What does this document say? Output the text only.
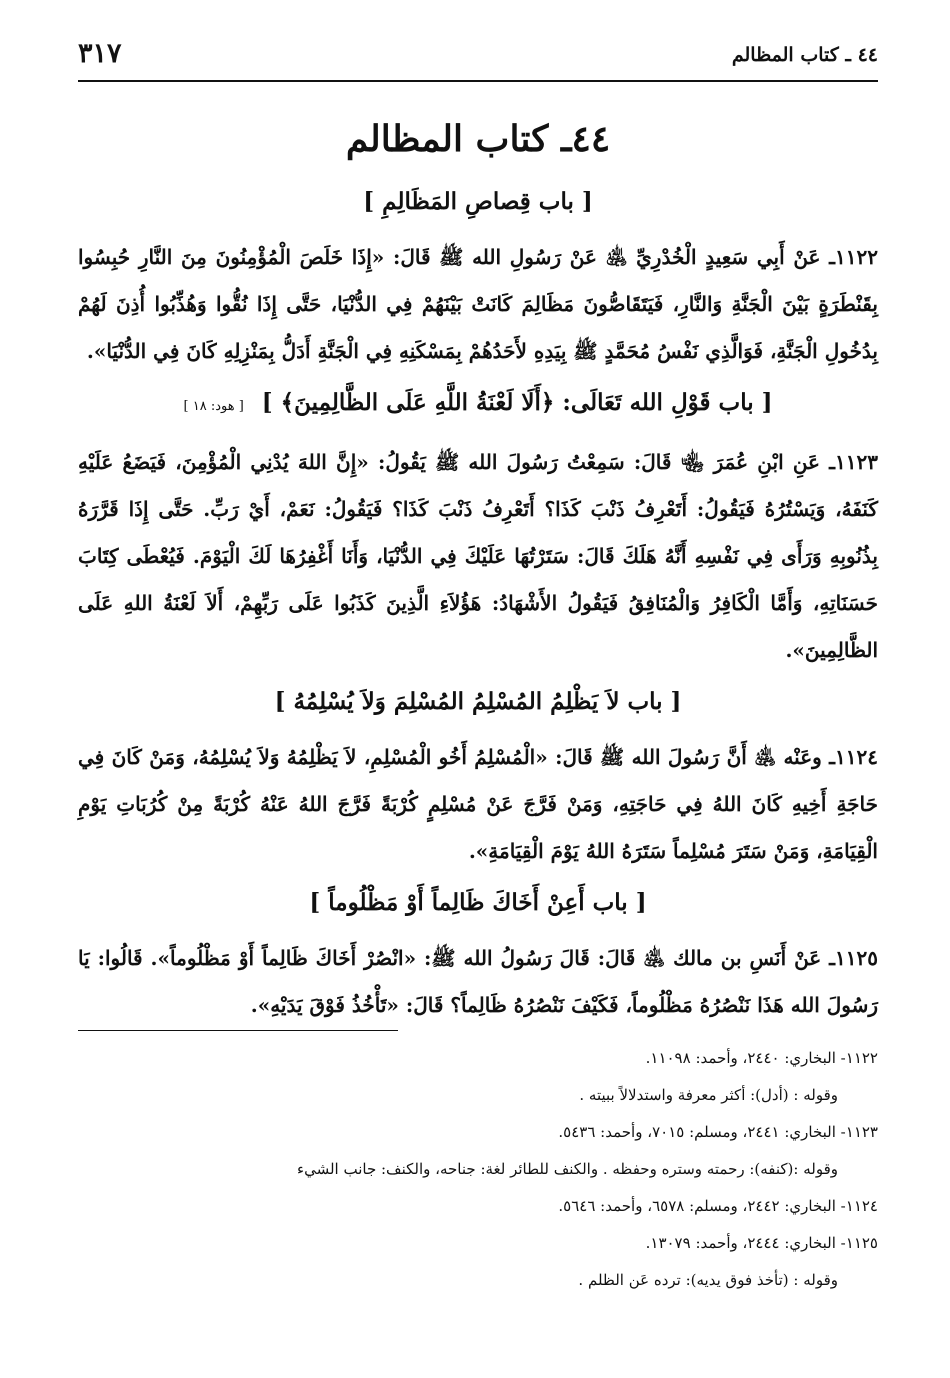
٤٤ ـ كتاب المظالم
٣١٧
٤٤ـ كتاب المظالم
[ باب قِصاصِ المَظَالِمِ ]

١١٢٢ـ عَنْ أَبِي سَعِيدٍ الْخُدْرِيِّ ﵁ عَنْ رَسُولِ الله ﷺ قَالَ: «إِذَا خَلَصَ الْمُؤْمِنُونَ مِنَ النَّارِ حُبِسُوا بِقَنْطَرَةٍ بَيْنَ الْجَنَّةِ وَالنَّارِ، فَيَتَقَاصُّونَ مَظَالِمَ كَانَتْ بَيْنَهُمْ فِي الدُّنْيَا، حَتَّى إِذَا نُقُّوا وَهُذِّبُوا أُذِنَ لَهُمْ بِدُخُولِ الْجَنَّةِ، فَوَالَّذِي نَفْسُ مُحَمَّدٍ ﷺ بِيَدِهِ لأَحَدُهُمْ بِمَسْكَنِهِ فِي الْجَنَّةِ أَدَلُّ بِمَنْزِلِهِ كَانَ فِي الدُّنْيَا».

[ باب قَوْلِ الله تَعَالَى: ﴿أَلَا لَعْنَةُ اللَّهِ عَلَى الظَّالِمِينَ﴾ ] [ هود: ١٨ ]

١١٢٣ـ عَنِ ابْنِ عُمَرَ ﵄ قَالَ: سَمِعْتُ رَسُولَ الله ﷺ يَقُولُ: «إِنَّ اللهَ يُدْنِي الْمُؤْمِنَ، فَيَضَعُ عَلَيْهِ كَنَفَهُ، وَيَسْتُرُهُ فَيَقُولُ: أَتَعْرِفُ ذَنْبَ كَذَا؟ أَتَعْرِفُ ذَنْبَ كَذَا؟ فَيَقُولُ: نَعَمْ، أَيْ رَبِّ. حَتَّى إِذَا قَرَّرَهُ بِذُنُوبِهِ وَرَأَى فِي نَفْسِهِ أَنَّهُ هَلَكَ قَالَ: سَتَرْتُهَا عَلَيْكَ فِي الدُّنْيَا، وَأَنَا أَغْفِرُهَا لَكَ الْيَوْمَ. فَيُعْطَى كِتَابَ حَسَنَاتِهِ، وَأَمَّا الْكَافِرُ وَالْمُنَافِقُ فَيَقُولُ الأَشْهَادُ: هَؤُلاَءِ الَّذِينَ كَذَبُوا عَلَى رَبِّهِمْ، أَلاَ لَعْنَةُ اللهِ عَلَى الظَّالِمِينَ».

[ باب لاَ يَظْلِمُ المُسْلِمُ المُسْلِمَ وَلاَ يُسْلِمُهُ ]

١١٢٤ـ وعَنْه ﵁ أَنَّ رَسُولَ الله ﷺ قَالَ: «الْمُسْلِمُ أَخُو الْمُسْلِمِ، لاَ يَظْلِمُهُ وَلاَ يُسْلِمُهُ، وَمَنْ كَانَ فِي حَاجَةِ أَخِيهِ كَانَ اللهُ فِي حَاجَتِهِ، وَمَنْ فَرَّجَ عَنْ مُسْلِمٍ كُرْبَةً فَرَّجَ اللهُ عَنْهُ كُرْبَةً مِنْ كُرُبَاتِ يَوْمِ الْقِيَامَةِ، وَمَنْ سَتَرَ مُسْلِماً سَتَرَهُ اللهُ يَوْمَ الْقِيَامَةِ».

[ باب أَعِنْ أَخَاكَ ظَالِماً أَوْ مَظْلُوماً ]

١١٢٥ـ عَنْ أَنَسِ بن مالك ﵁ قَالَ: قَالَ رَسُولُ الله ﷺ: «انْصُرْ أَخَاكَ ظَالِماً أَوْ مَظْلُوماً». قَالُوا: يَا رَسُولَ الله هَذَا نَنْصُرُهُ مَظْلُوماً، فَكَيْفَ نَنْصُرُهُ ظَالِماً؟ قَالَ: «تَأْخُذُ فَوْقَ يَدَيْهِ».

١١٢٢- البخاري: ٢٤٤٠، وأحمد: ١١٠٩٨.

وقوله : (أدل): أكثر معرفة واستدلالاً ببيته .

١١٢٣- البخاري: ٢٤٤١، ومسلم: ٧٠١٥، وأحمد: ٥٤٣٦.

وقوله :(كنفه): رحمته وستره وحفظه . والكنف للطائر لغة: جناحه، والكنف: جانب الشيء

١١٢٤- البخاري: ٢٤٤٢، ومسلم: ٦٥٧٨، وأحمد: ٥٦٤٦.

١١٢٥- البخاري: ٢٤٤٤، وأحمد: ١٣٠٧٩.

وقوله : (تأخذ فوق يديه): ترده عَن الظلم .
